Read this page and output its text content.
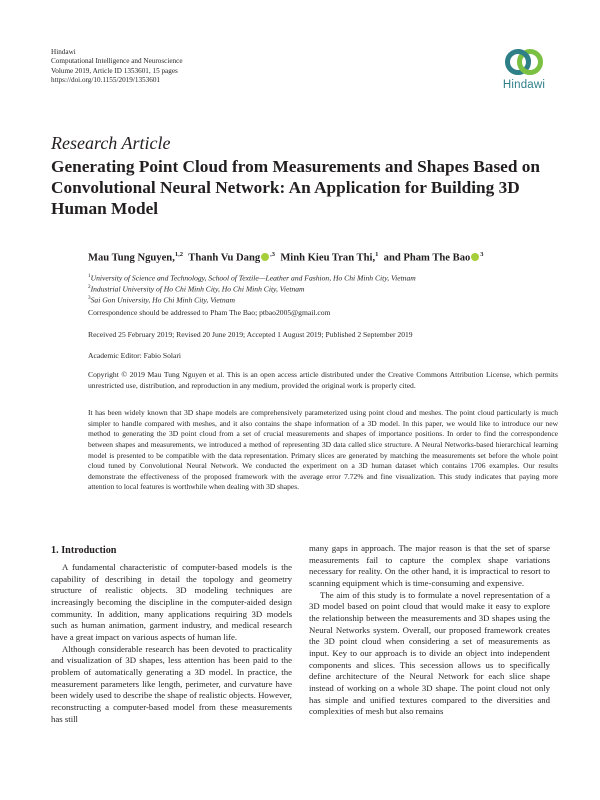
Hindawi
Computational Intelligence and Neuroscience
Volume 2019, Article ID 1353601, 15 pages
https://doi.org/10.1155/2019/1353601	Hindawi
Research Article
Generating Point Cloud from Measurements and Shapes Based on Convolutional Neural Network: An Application for Building 3D Human Model
Mau Tung Nguyen,$^{1,2}$ Thanh Vu Dang $^{,3}$ Minh Kieu Tran Thi,$^1$ and Pham The Bao $^3$
$^1$University of Science and Technology, School of Textile—Leather and Fashion, Ho Chi Minh City, Vietnam
$^2$Industrial University of Ho Chi Minh City, Ho Chi Minh City, Vietnam
$^3$Sai Gon University, Ho Chi Minh City, Vietnam
Correspondence should be addressed to Pham The Bao; ptbao2005@gmail.com
Received 25 February 2019; Revised 20 June 2019; Accepted 1 August 2019; Published 2 September 2019
Academic Editor: Fabio Solari
Copyright © 2019 Mau Tung Nguyen et al. This is an open access article distributed under the Creative Commons Attribution License, which permits unrestricted use, distribution, and reproduction in any medium, provided the original work is properly cited.
It has been widely known that 3D shape models are comprehensively parameterized using point cloud and meshes. The point cloud particularly is much simpler to handle compared with meshes, and it also contains the shape information of a 3D model. In this paper, we would like to introduce our new method to generating the 3D point cloud from a set of crucial measurements and shapes of importance positions. In order to find the correspondence between shapes and measurements, we introduced a method of representing 3D data called slice structure. A Neural Networks-based hierarchical learning model is presented to be compatible with the data representation. Primary slices are generated by matching the measurements set before the whole point cloud tuned by Convolutional Neural Network. We conducted the experiment on a 3D human dataset which contains 1706 examples. Our results demonstrate the effectiveness of the proposed framework with the average error 7.72% and fine visualization. This study indicates that paying more attention to local features is worthwhile when dealing with 3D shapes.
1. Introduction

A fundamental characteristic of computer-based models is the capability of describing in detail the topology and geometry structure of realistic objects. 3D modeling techniques are increasingly becoming the discipline in the computer-aided design community. In addition, many applications requiring 3D models such as human animation, garment industry, and medical research have a great impact on various aspects of human life.

Although considerable research has been devoted to practicality and visualization of 3D shapes, less attention has been paid to the problem of automatically generating a 3D model. In practice, the measurement parameters like length, perimeter, and curvature have been widely used to describe the shape of realistic objects. However, reconstructing a computer-based model from these measurements has still

many gaps in approach. The major reason is that the set of sparse measurements fail to capture the complex shape variations necessary for reality. On the other hand, it is impractical to resort to scanning equipment which is time-consuming and expensive.

The aim of this study is to formulate a novel representation of a 3D model based on point cloud that would make it easy to explore the relationship between the measurements and 3D shapes using the Neural Networks system. Overall, our proposed framework creates the 3D point cloud when considering a set of measurements as input. Key to our approach is to divide an object into independent components and slices. This secession allows us to specifically define architecture of the Neural Network for each slice shape instead of working on a whole 3D shape. The point cloud not only has simple and unified textures compared to the diversities and complexities of mesh but also remains
